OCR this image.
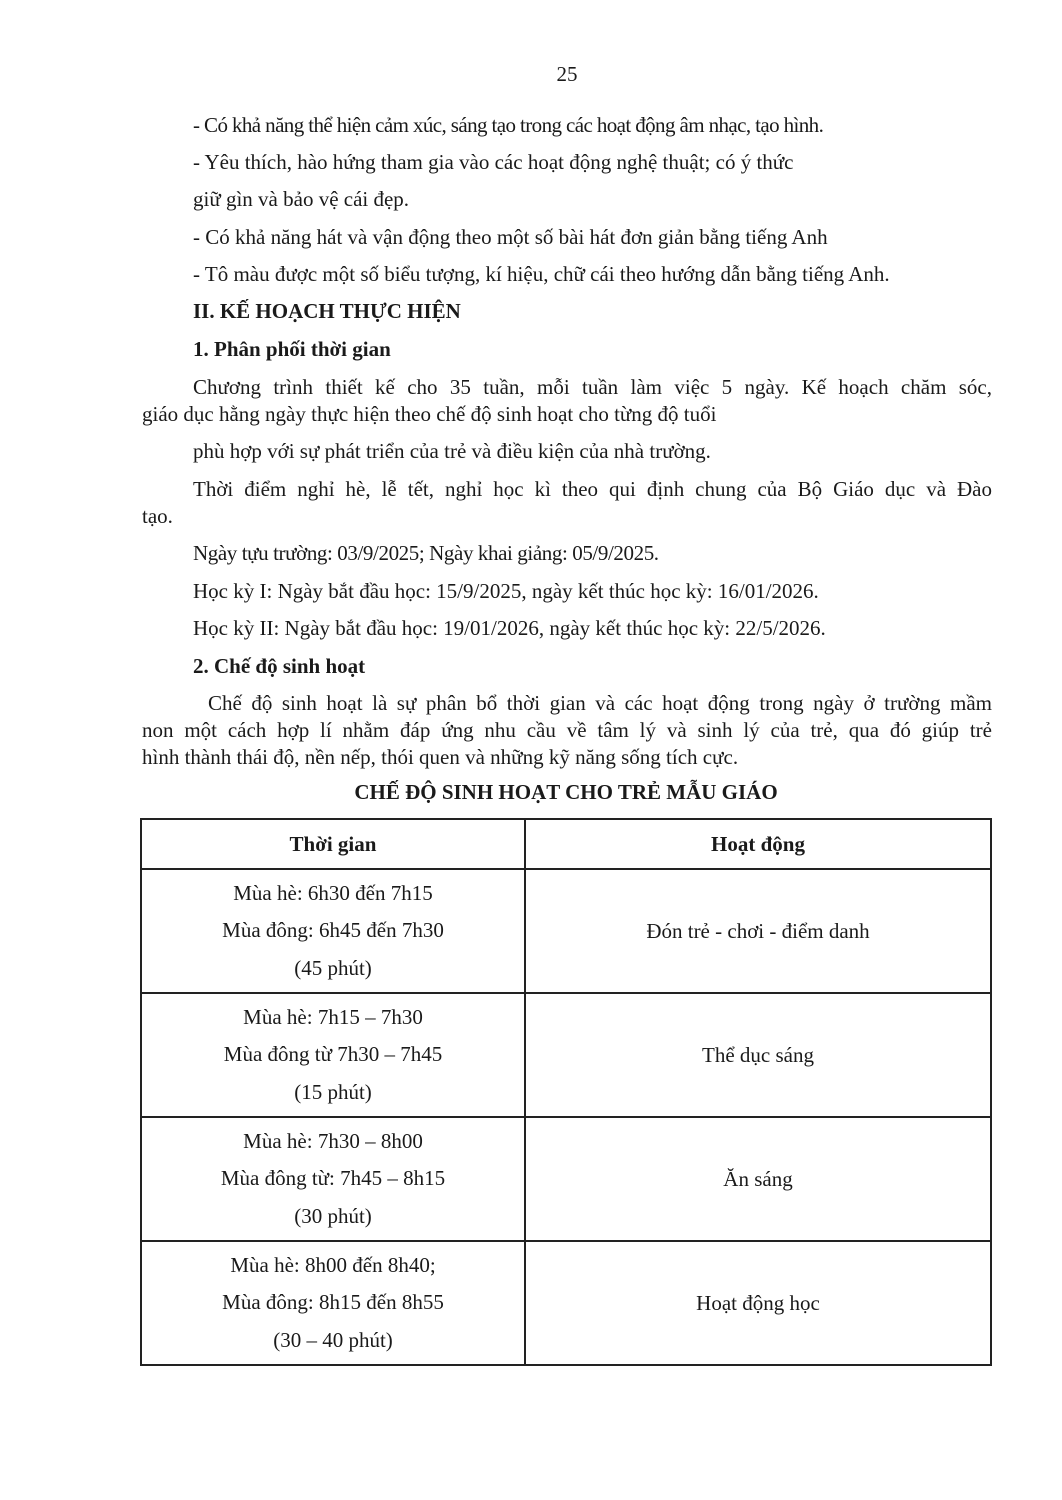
25
- Có khả năng thể hiện cảm xúc, sáng tạo trong các hoạt động âm nhạc, tạo hình.
- Yêu thích, hào hứng tham gia vào các hoạt động nghệ thuật; có ý thức
giữ gìn và bảo vệ cái đẹp.
- Có khả năng hát và vận động theo một số bài hát đơn giản bằng tiếng Anh
- Tô màu được một số biểu tượng, kí hiệu, chữ cái theo hướng dẫn bằng tiếng Anh.
II. KẾ HOẠCH THỰC HIỆN
1. Phân phối thời gian
Chương trình thiết kế cho 35 tuần, mỗi tuần làm việc 5 ngày. Kế hoạch chăm sóc,
giáo dục hằng ngày thực hiện theo chế độ sinh hoạt cho từng độ tuổi
phù hợp với sự phát triển của trẻ và điều kiện của nhà trường.
Thời điểm nghỉ hè, lễ tết, nghỉ học kì theo qui định chung của Bộ Giáo dục và Đào
tạo.
Ngày tựu trường: 03/9/2025; Ngày khai giảng: 05/9/2025.
Học kỳ I: Ngày bắt đầu học: 15/9/2025, ngày kết thúc học kỳ: 16/01/2026.
Học kỳ II: Ngày bắt đầu học: 19/01/2026, ngày kết thúc học kỳ: 22/5/2026.
2. Chế độ sinh hoạt
Chế độ sinh hoạt là sự phân bổ thời gian và các hoạt động trong ngày ở trường mầm
non một cách hợp lí nhằm đáp ứng nhu cầu về tâm lý và sinh lý của trẻ, qua đó giúp trẻ
hình thành thái độ, nền nếp, thói quen và những kỹ năng sống tích cực.
CHẾ ĐỘ SINH HOẠT CHO TRẺ MẪU GIÁO
Thời gian	Hoạt động

Mùa hè: 6h30 đến 7h15
Mùa đông: 6h45 đến 7h30
(45 phút)	Đón trẻ - chơi - điểm danh

Mùa hè: 7h15 – 7h30
Mùa đông từ 7h30 – 7h45
(15 phút)	Thể dục sáng

Mùa hè: 7h30 – 8h00
Mùa đông từ: 7h45 – 8h15
(30 phút)	Ăn sáng

Mùa hè: 8h00 đến 8h40;
Mùa đông: 8h15 đến 8h55
(30 – 40 phút)	Hoạt động học
